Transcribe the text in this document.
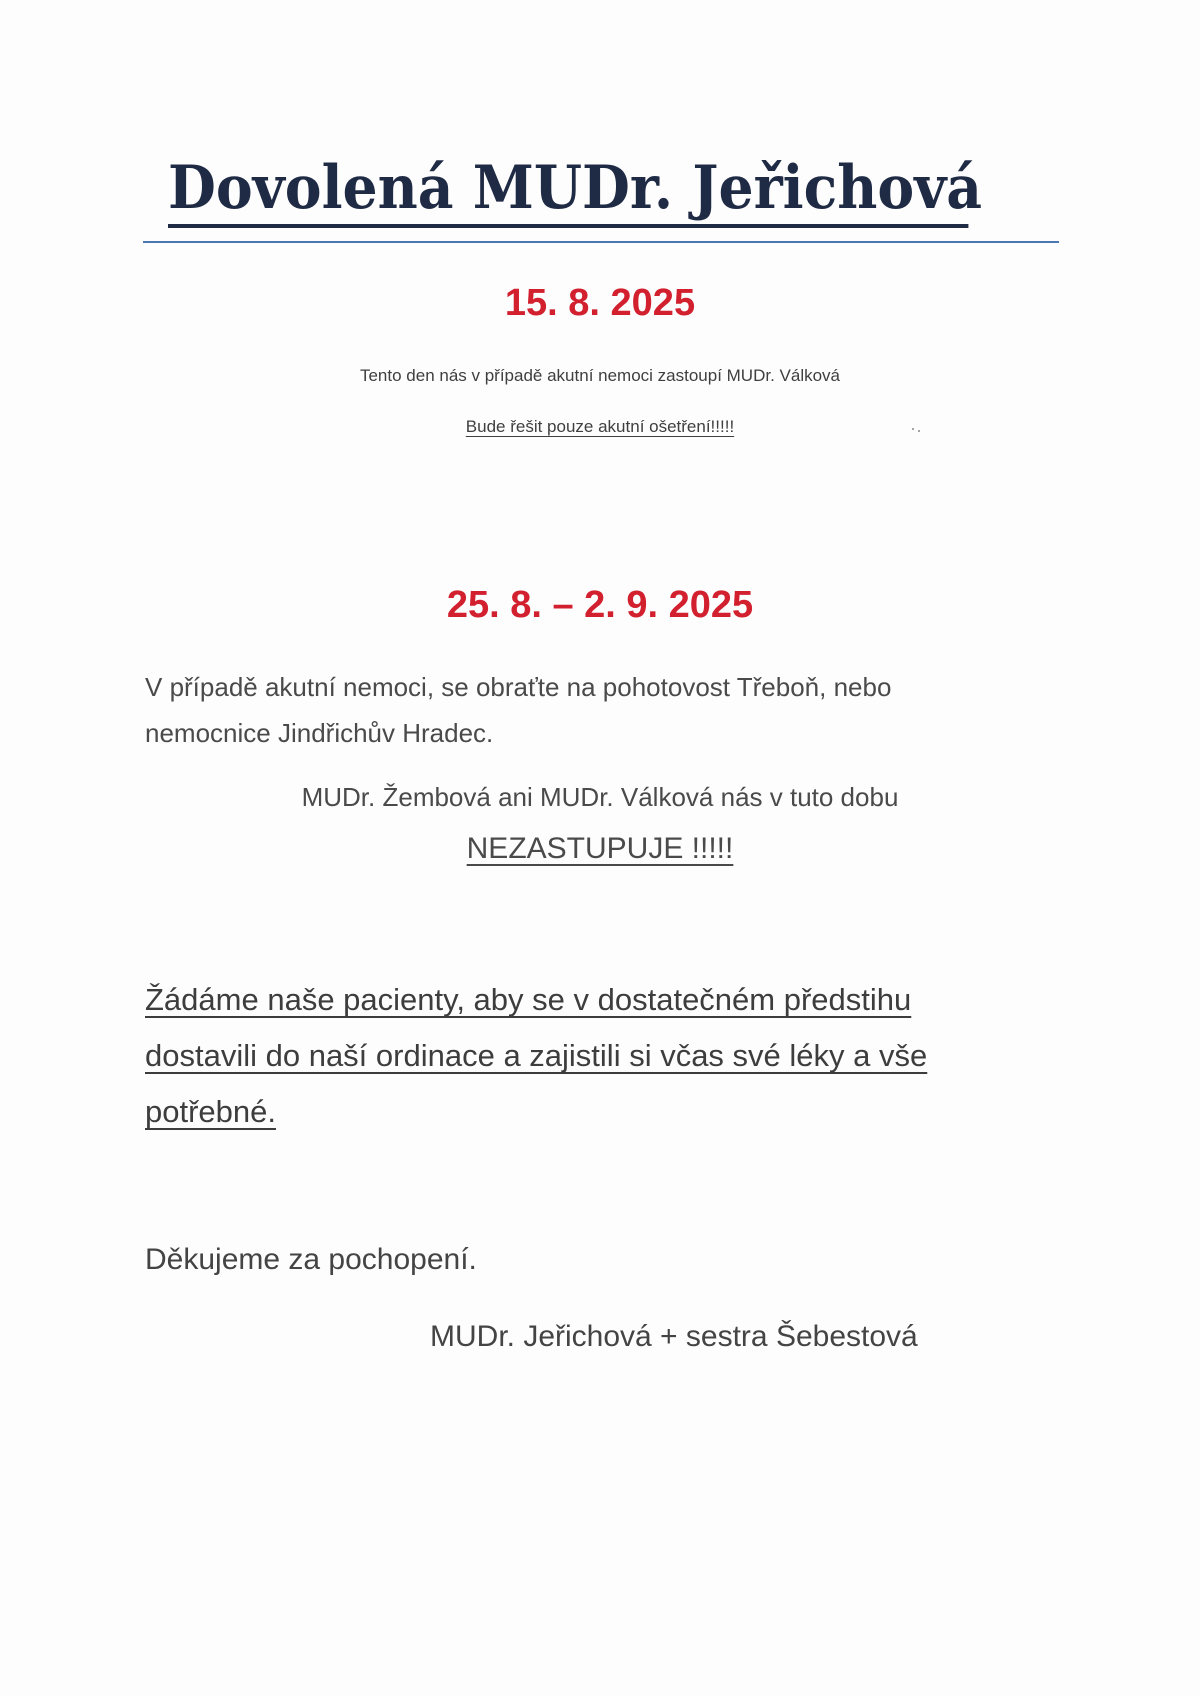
Dovolená MUDr. Jeřichová
15. 8. 2025
Tento den nás v případě akutní nemoci zastoupí MUDr. Válková
Bude řešit pouze akutní ošetření!!!!!
25. 8. – 2. 9. 2025
V případě akutní nemoci, se obraťte na pohotovost Třeboň, nebo
nemocnice Jindřichův Hradec.
MUDr. Žembová ani MUDr. Válková nás v tuto dobu
NEZASTUPUJE !!!!!
Žádáme naše pacienty, aby se v dostatečném předstihu
dostavili do naší ordinace a zajistili si včas své léky a vše
potřebné.
Děkujeme za pochopení.
MUDr. Jeřichová + sestra Šebestová
